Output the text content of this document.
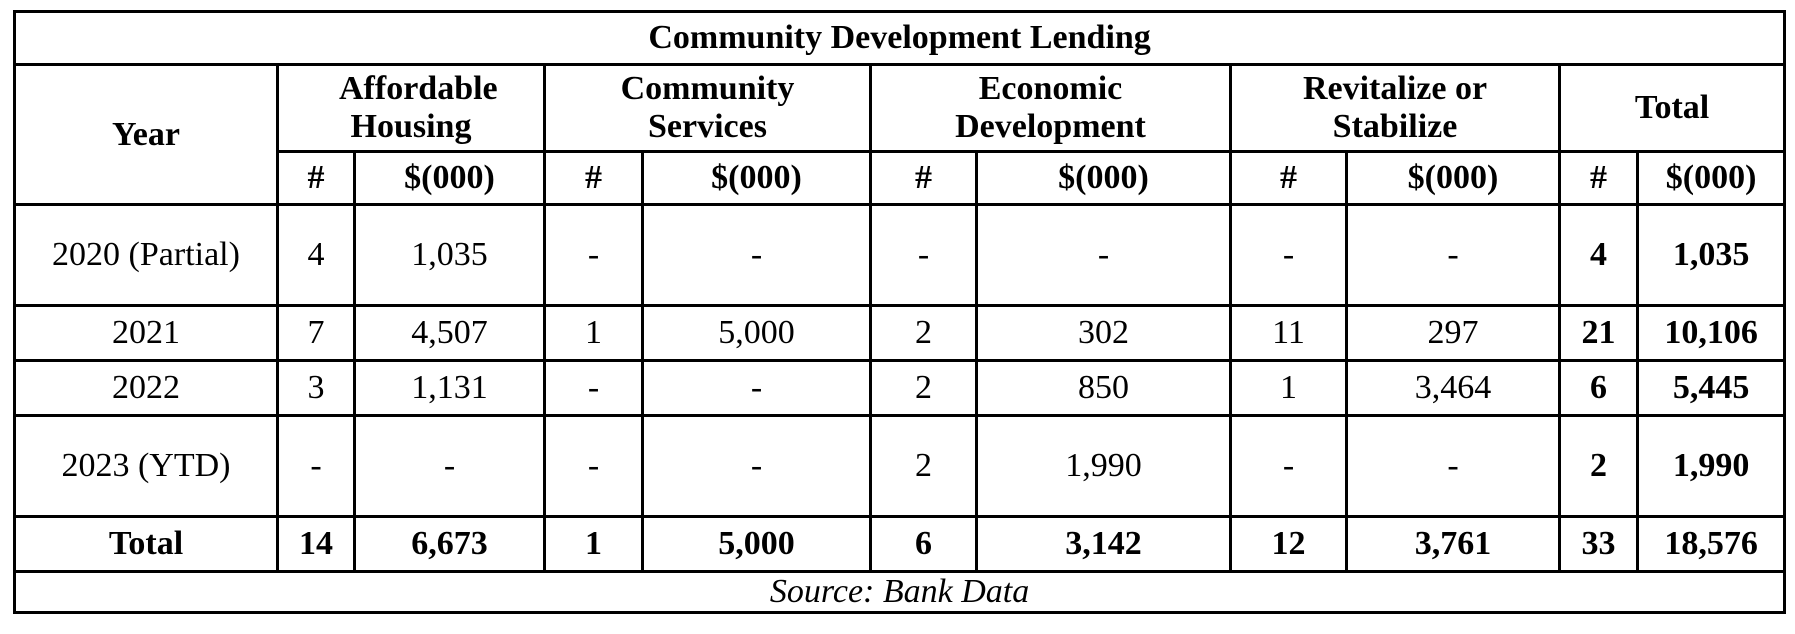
Community Development Lending										
Year	Affordable Housing		Community Services		Economic Development		Revitalize or Stabilize		Total	
	#	$(000)	#	$(000)	#	$(000)	#	$(000)	#	$(000)
2020 (Partial)	4	1,035	-	-	-	-	-	-	4	1,035
2021	7	4,507	1	5,000	2	302	11	297	21	10,106
2022	3	1,131	-	-	2	850	1	3,464	6	5,445
2023 (YTD)	-	-	-	-	2	1,990	-	-	2	1,990
Total	14	6,673	1	5,000	6	3,142	12	3,761	33	18,576
Source: Bank Data										
